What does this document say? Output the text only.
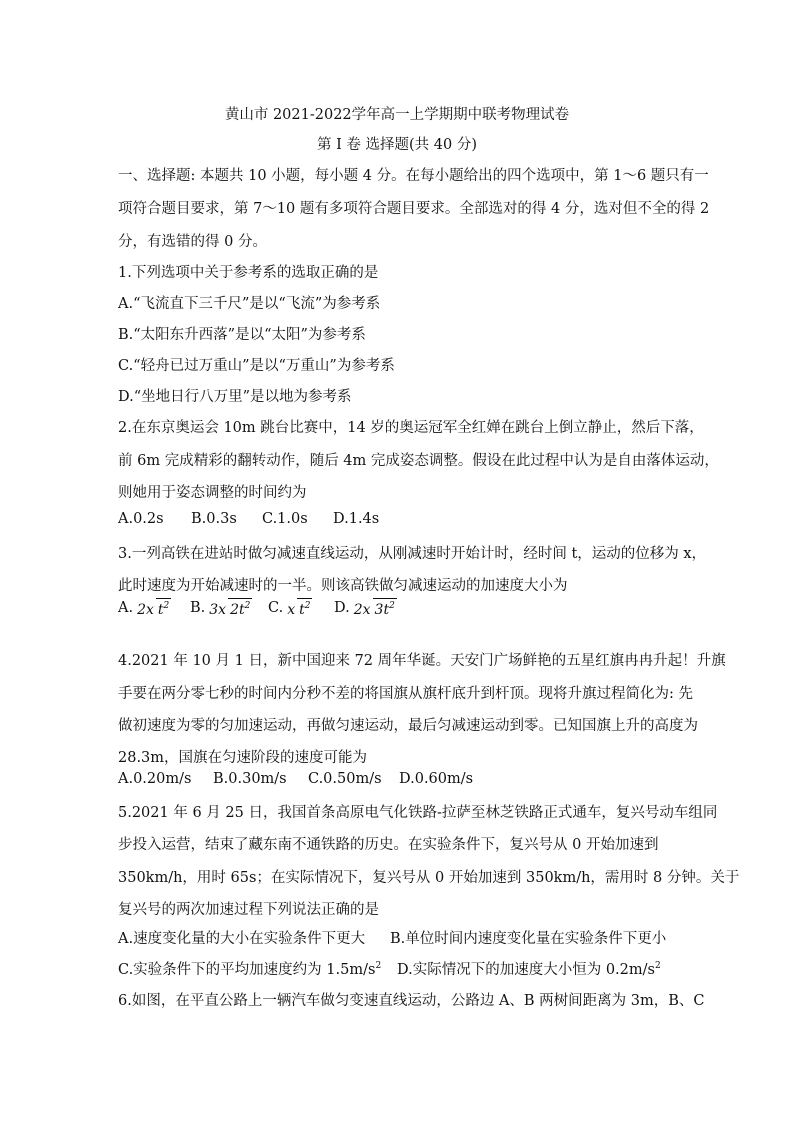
黄山市 2021-2022学年高一上学期期中联考物理试卷
第 I 卷 选择题(共 40 分)
一、选择题: 本题共 10 小题，每小题 4 分。在每小题给出的四个选项中，第 1～6 题只有一
项符合题目要求，第 7～10 题有多项符合题目要求。全部选对的得 4 分，选对但不全的得 2
分，有选错的得 0 分。
1.下列选项中关于参考系的选取正确的是
A.“飞流直下三千尺”是以“飞流”为参考系
B.“太阳东升西落”是以“太阳”为参考系
C.“轻舟已过万重山”是以“万重山”为参考系
D.“坐地日行八万里”是以地为参考系
2.在东京奥运会 10m 跳台比赛中，14 岁的奥运冠军全红婵在跳台上倒立静止，然后下落，
前 6m 完成精彩的翻转动作，随后 4m 完成姿态调整。假设在此过程中认为是自由落体运动，
则她用于姿态调整的时间约为
A.0.2s B.0.3s C.1.0s D.1.4s
3.一列高铁在进站时做匀减速直线运动，从刚减速时开始计时，经时间 t，运动的位移为 x，
此时速度为开始减速时的一半。则该高铁做匀减速运动的加速度大小为
A. 2x $t^2$ B. 3x $2t^2$ C. x $t^2$ D. 2x $3t^2$
4.2021 年 10 月 1 日，新中国迎来 72 周年华诞。天安门广场鲜艳的五星红旗冉冉升起！升旗
手要在两分零七秒的时间内分秒不差的将国旗从旗杆底升到杆顶。现将升旗过程简化为: 先
做初速度为零的匀加速运动，再做匀速运动，最后匀减速运动到零。已知国旗上升的高度为
28.3m，国旗在匀速阶段的速度可能为
A.0.20m/s B.0.30m/s C.0.50m/s D.0.60m/s
5.2021 年 6 月 25 日，我国首条高原电气化铁路-拉萨至林芝铁路正式通车，复兴号动车组同
步投入运营，结束了藏东南不通铁路的历史。在实验条件下，复兴号从 0 开始加速到
350km/h，用时 65s；在实际情况下，复兴号从 0 开始加速到 350km/h，需用时 8 分钟。关于
复兴号的两次加速过程下列说法正确的是
A.速度变化量的大小在实验条件下更大 B.单位时间内速度变化量在实验条件下更小
C.实验条件下的平均加速度约为 $1.5m/s^2$ D.实际情况下的加速度大小恒为 $0.2m/s^2$
6.如图，在平直公路上一辆汽车做匀变速直线运动，公路边 A、B 两树间距离为 3m，B、C
